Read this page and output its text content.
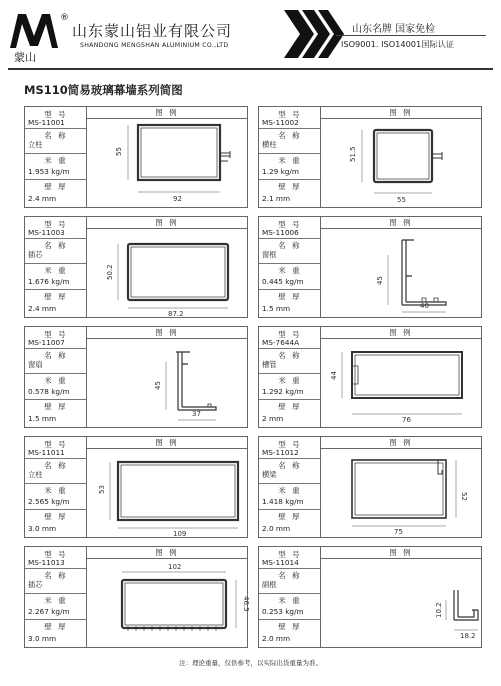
蒙山
®
山东蒙山铝业有限公司
SHANDONG MENGSHAN ALUMINIUM CO.,LTD
山东名牌 国家免检
ISO9001. ISO14001国际认证
MS110简易玻璃幕墙系列简图
型 号
MS-11001
名 称
立柱
米 重
1.953 kg/m
壁 厚
2.4 mm
图 例
55
92
型 号
MS-11002
名 称
横柱
米 重
1.29 kg/m
壁 厚
2.1 mm
图 例
51.5
55
型 号
MS-11003
名 称
插芯
米 重
1.676 kg/m
壁 厚
2.4 mm
图 例
50.2
87.2
型 号
MS-11006
名 称
窗框
米 重
0.445 kg/m
壁 厚
1.5 mm
图 例
45
40
型 号
MS-11007
名 称
窗扇
米 重
0.578 kg/m
壁 厚
1.5 mm
图 例
45
37
型 号
MS-7644A
名 称
槽管
米 重
1.292 kg/m
壁 厚
2 mm
图 例
44
76
型 号
MS-11011
名 称
立柱
米 重
2.565 kg/m
壁 厚
3.0 mm
图 例
53
109
型 号
MS-11012
名 称
横梁
米 重
1.418 kg/m
壁 厚
2.0 mm
图 例
52
75
型 号
MS-11013
名 称
插芯
米 重
2.267 kg/m
壁 厚
3.0 mm
图 例
102
46.5
型 号
MS-11014
名 称
副框
米 重
0.253 kg/m
壁 厚
2.0 mm
图 例
10.2
18.2
注：理论重量，仅供参考，以实际出货重量为准。
